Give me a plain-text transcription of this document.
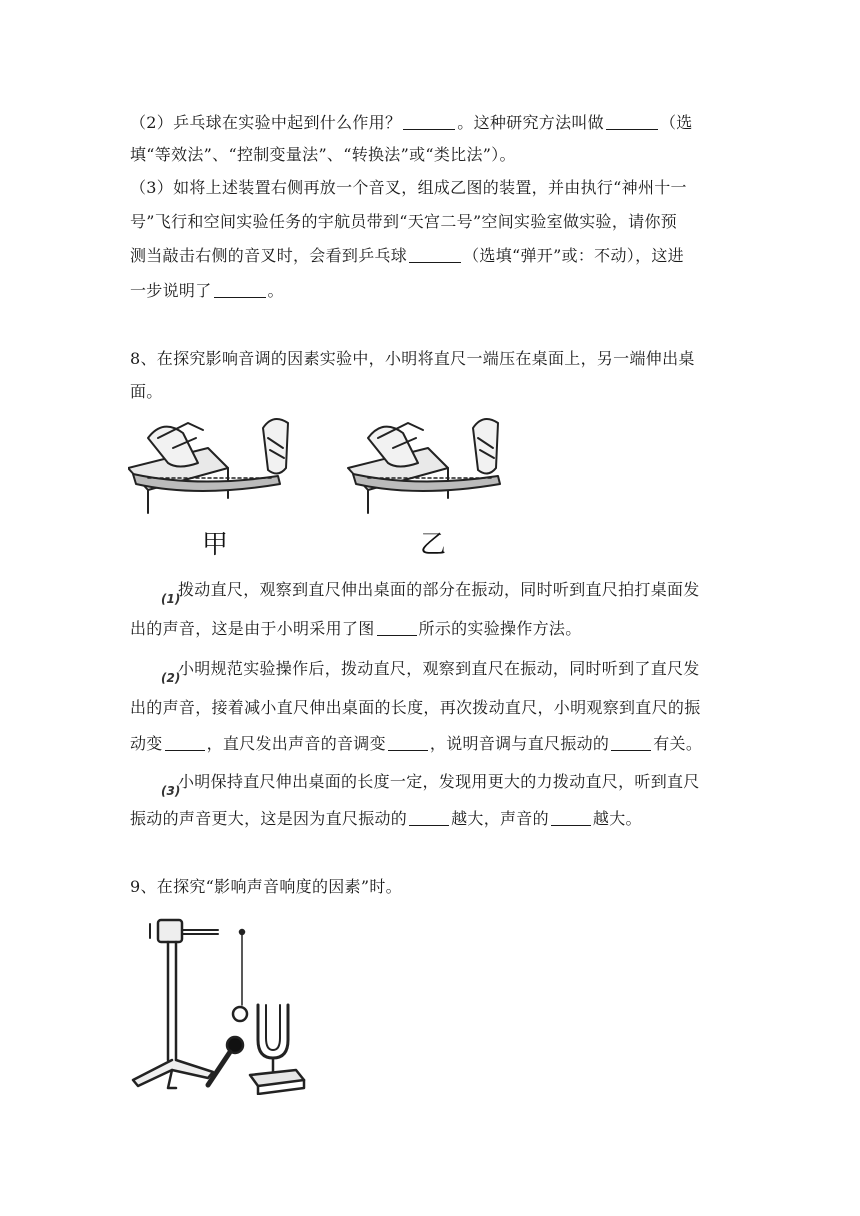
（2）乒乓球在实验中起到什么作用？	。这种研究方法叫做	（选
填“等效法”、“控制变量法”、“转换法”或“类比法”）。
（3）如将上述装置右侧再放一个音叉，组成乙图的装置，并由执行“神州十一
号”飞行和空间实验任务的宇航员带到“天宫二号”空间实验室做实验，请你预
测当敲击右侧的音叉时，会看到乒乓球	（选填“弹开”或：不动），这进
一步说明了	。
8、在探究影响音调的因素实验中，小明将直尺一端压在桌面上，另一端伸出桌
面。
甲	乙
(1)
拨动直尺，观察到直尺伸出桌面的部分在振动，同时听到直尺拍打桌面发
出的声音，这是由于小明采用了图	所示的实验操作方法。
(2)
小明规范实验操作后，拨动直尺，观察到直尺在振动，同时听到了直尺发
出的声音，接着减小直尺伸出桌面的长度，再次拨动直尺，小明观察到直尺的振
动变	，直尺发出声音的音调变	，说明音调与直尺振动的	有关。
(3)
小明保持直尺伸出桌面的长度一定，发现用更大的力拨动直尺，听到直尺
振动的声音更大，这是因为直尺振动的	越大，声音的	越大。
9、在探究“影响声音响度的因素”时。
